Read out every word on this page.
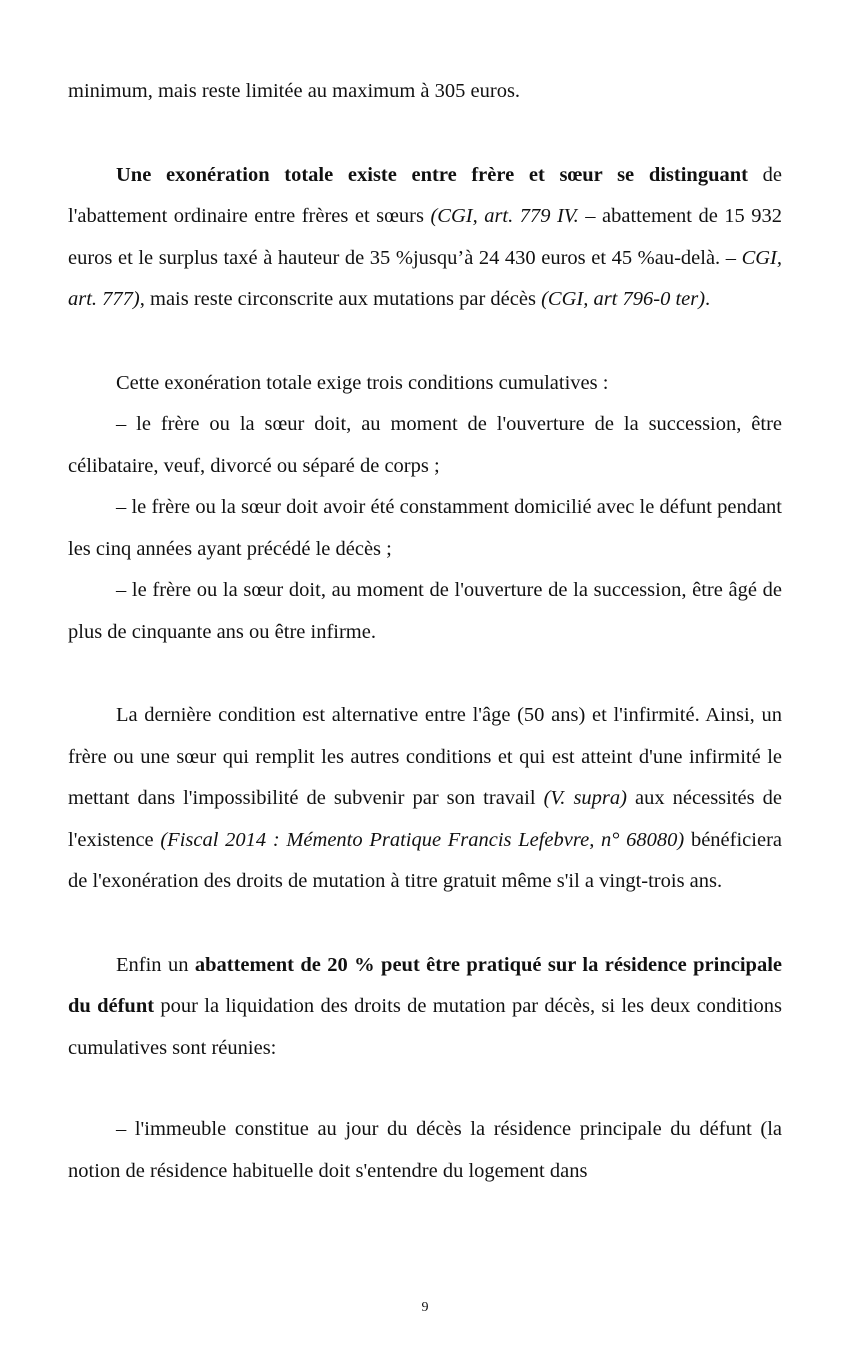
minimum, mais reste limitée au maximum à 305 euros.

Une exonération totale existe entre frère et sœur se distinguant de l'abattement ordinaire entre frères et sœurs (CGI, art. 779 IV. – abattement de 15 932 euros et le surplus taxé à hauteur de 35 %jusqu’à 24 430 euros et 45 %au-delà. – CGI, art. 777), mais reste circonscrite aux mutations par décès (CGI, art 796-0 ter).

Cette exonération totale exige trois conditions cumulatives :

– le frère ou la sœur doit, au moment de l'ouverture de la succession, être célibataire, veuf, divorcé ou séparé de corps ;

– le frère ou la sœur doit avoir été constamment domicilié avec le défunt pendant les cinq années ayant précédé le décès ;

– le frère ou la sœur doit, au moment de l'ouverture de la succession, être âgé de plus de cinquante ans ou être infirme.

La dernière condition est alternative entre l'âge (50 ans) et l'infirmité. Ainsi, un frère ou une sœur qui remplit les autres conditions et qui est atteint d'une infirmité le mettant dans l'impossibilité de subvenir par son travail (V. supra) aux nécessités de l'existence (Fiscal 2014 : Mémento Pratique Francis Lefebvre, n° 68080) bénéficiera de l'exonération des droits de mutation à titre gratuit même s'il a vingt-trois ans.

Enfin un abattement de 20 % peut être pratiqué sur la résidence principale du défunt pour la liquidation des droits de mutation par décès, si les deux conditions cumulatives sont réunies:

– l'immeuble constitue au jour du décès la résidence principale du défunt (la notion de résidence habituelle doit s'entendre du logement dans

9
